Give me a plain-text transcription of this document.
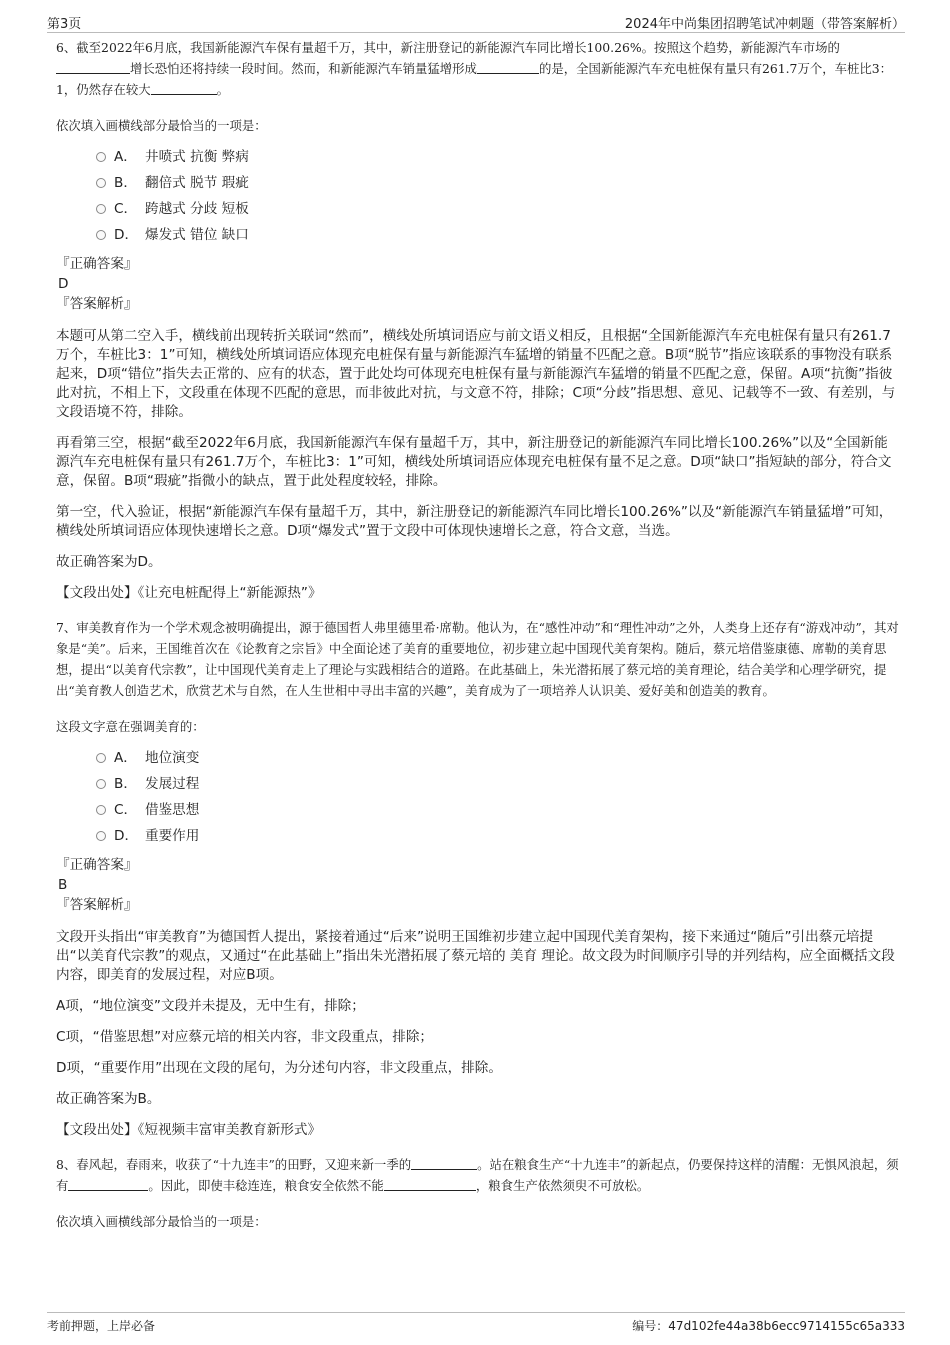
第3页	2024年中尚集团招聘笔试冲刺题（带答案解析）

6、截至2022年6月底，我国新能源汽车保有量超千万，其中，新注册登记的新能源汽车同比增长100.26%。按照这个趋势，新能源汽车市场的增长恐怕还将持续一段时间。然而，和新能源汽车销量猛增形成	的是，全国新能源汽车充电桩保有量只有261.7万个，车桩比3：1，仍然存在较大	。

依次填入画横线部分最恰当的一项是：

A． 井喷式 抗衡 弊病
B． 翻倍式 脱节 瑕疵
C． 跨越式 分歧 短板
D． 爆发式 错位 缺口

『正确答案』

D

『答案解析』

本题可从第二空入手，横线前出现转折关联词“然而”，横线处所填词语应与前文语义相反，且根据“全国新能源汽车充电桩保有量只有261.7万个，车桩比3：1”可知，横线处所填词语应体现充电桩保有量与新能源汽车猛增的销量不匹配之意。B项“脱节”指应该联系的事物没有联系起来，D项“错位”指失去正常的、应有的状态，置于此处均可体现充电桩保有量与新能源汽车猛增的销量不匹配之意，保留。A项“抗衡”指彼此对抗，不相上下，文段重在体现不匹配的意思，而非彼此对抗，与文意不符，排除；C项“分歧”指思想、意见、记载等不一致、有差别，与文段语境不符，排除。

再看第三空，根据“截至2022年6月底，我国新能源汽车保有量超千万，其中，新注册登记的新能源汽车同比增长100.26%”以及“全国新能源汽车充电桩保有量只有261.7万个，车桩比3：1”可知，横线处所填词语应体现充电桩保有量不足之意。D项“缺口”指短缺的部分，符合文意，保留。B项“瑕疵”指微小的缺点，置于此处程度较轻，排除。

第一空，代入验证，根据“新能源汽车保有量超千万，其中，新注册登记的新能源汽车同比增长100.26%”以及“新能源汽车销量猛增”可知，横线处所填词语应体现快速增长之意。D项“爆发式”置于文段中可体现快速增长之意，符合文意，当选。

故正确答案为D。

【文段出处】《让充电桩配得上“新能源热”》

7、审美教育作为一个学术观念被明确提出，源于德国哲人弗里德里希·席勒。他认为，在“感性冲动”和“理性冲动”之外，人类身上还存有“游戏冲动”，其对象是“美”。后来，王国维首次在《论教育之宗旨》中全面论述了美育的重要地位，初步建立起中国现代美育架构。随后，蔡元培借鉴康德、席勒的美育思想，提出“以美育代宗教”，让中国现代美育走上了理论与实践相结合的道路。在此基础上，朱光潜拓展了蔡元培的美育理论，结合美学和心理学研究，提出“美育教人创造艺术，欣赏艺术与自然，在人生世相中寻出丰富的兴趣”，美育成为了一项培养人认识美、爱好美和创造美的教育。

这段文字意在强调美育的：

A． 地位演变
B． 发展过程
C． 借鉴思想
D． 重要作用

『正确答案』

B

『答案解析』

文段开头指出“审美教育”为德国哲人提出，紧接着通过“后来”说明王国维初步建立起中国现代美育架构，接下来通过“随后”引出蔡元培提出“以美育代宗教”的观点，又通过“在此基础上”指出朱光潜拓展了蔡元培的 美育 理论。故文段为时间顺序引导的并列结构，应全面概括文段内容，即美育的发展过程，对应B项。

A项，“地位演变”文段并未提及，无中生有，排除；

C项，“借鉴思想”对应蔡元培的相关内容，非文段重点，排除；

D项，“重要作用”出现在文段的尾句，为分述句内容，非文段重点，排除。

故正确答案为B。

【文段出处】《短视频丰富审美教育新形式》

8、春风起，春雨来，收获了“十九连丰”的田野，又迎来新一季的	。站在粮食生产“十九连丰”的新起点，仍要保持这样的清醒：无惧风浪起，须有	。因此，即使丰稔连连，粮食安全依然不能	，粮食生产依然须臾不可放松。

依次填入画横线部分最恰当的一项是：

考前押题，上岸必备	编号：47d102fe44a38b6ecc9714155c65a333
